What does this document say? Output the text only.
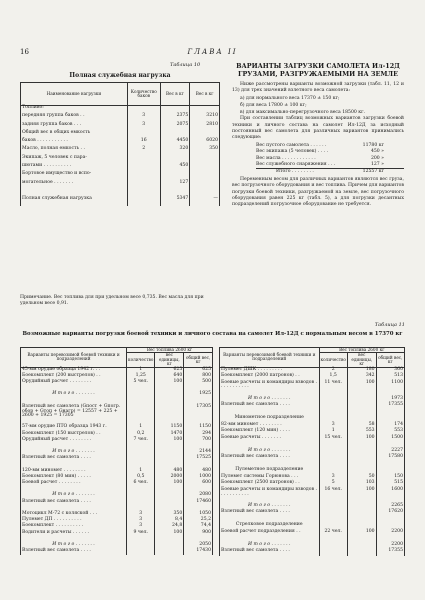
16	ГЛАВА II
Таблица 10
Полная служебная нагрузка
Наименование нагрузки	Количество баков	Вес в кг	Вес в кг
Топливо:			
передняя группа баков . .	3	2375	3210
задняя группа баков . . .	3	2075	2810
Общий вес в общих емкость			
баков . . . . . . . . . . .	16	4450	6020
Масло, полная емкость . .	2	320	350
Экипаж, 5 человек с пара-			
шютами . . . . . . . . . .		450	
Бортовое имущество и вспо-			
могательное . . . . . . .		127	

Полная служебная нагрузка		5347	—
Примечание. Вес топлива для при удельном весе 0,735. Вес масла для при удельном весе 0,91.
ВАРИАНТЫ ЗАГРУЗКИ САМОЛЕТА Ил-12Д ГРУЗАМИ, РАЗГРУЖАЕМЫМИ НА ЗЕМЛЕ

Ниже рассмотрены варианты возможной загрузки (табл. 11, 12 и 13) для трех значений взлетного веса самолета:

а) для нормального веса 17370 ± 150 кг;
б) для веса 17800 ± 100 кг;
в) для максимально-перегрузочного веса 18500 кг.

При составлении таблиц возможных вариантов загрузки боевой техники и личного состава на самолет Ил-12Д за исходный постоянный вес самолета для различных вариантов принимались следующие:

Вес пустого самолета . . . . . .	11780 кг
Вес экипажа (5 человек) . . . .	450 »
Вес масла . . . . . . . . . . . .	200 »
Вес служебного снаряжения . . .	127 »
Итого . . . . . . . .	12557 кг

Переменным весом для различных вариантов являются вес груза, вес погрузочного оборудования и вес топлива. Причем для вариантов погрузки боевой техники, разгружаемой на земле, вес погрузочного оборудования равен 225 кг (табл. 5), а для погрузки десантных подразделений погрузочное оборудование не требуется.

Таблица 11
Возможные варианты погрузки боевой техники и личного состава на самолет Ил-12Д с нормальным весом в 17370 кг
Варианты перевозимой боевой техники и подразделений	Вес топлива 2600 кг		
	количество	вес единицы, кг	общий вес, кг
45-мм орудие образца 1942 г. . .	1	625	625
Боекомплект (200 выстрелов) . .	1,25	640	800
Орудийный расчет . . . . . . . .	5 чел.	100	500

И т о г о . . . . . . .			1925

Взлетный вес самолета (Gпост + Gпогр. обор + Gтоп + Gнагр) = 12557 + 225 + 2600 + 1925 = 17305			17305

57-мм орудие ПТО образца 1943 г.	1	1150	1150
Боекомплект (150 выстрелов) . .	0,2	1470	294
Орудийный расчет . . . . . . . .	7 чел.	100	700

И т о г о . . . . . . .			2144
Взлетный вес самолета . . . .			17525

120-мм миномет . . . . . . . .	1	480	480
Боекомплект (80 мин) . . . . .	0,5	2000	1000
Боевой расчет . . . . . . . .	6 чел.	100	600

И т о г о . . . . . . .			2080
Взлетный вес самолета . . . .			17460

Мотоцикл М-72 с коляской . . .	3	350	1050
Пулемет ДП . . . . . . . . . .	3	8,4	25,2
Боекомплект . . . . . . . . . .	3	24,8	74,4
Водители и расчеты . . . . . .	9 чел.	100	900

И т о г о . . . . . . .			2050
Взлетный вес самолета . . . .			17430
Варианты перевозимой боевой техники и подразделений	Вес топлива 2600 кг		
	количество	вес единицы, кг	общий вес, кг
Пулемет ДШК . . . . . . . . .	2	180	360
Боекомплект (2000 патронов) . .	1,5	342	513
Боевые расчеты и командиры взводов . . . . . . . . . . .	11 чел.	100	1100

И т о г о . . . . . . .			1973
Взлетный вес самолета . . . .			17355

Минометное подразделение			
82-мм миномет . . . . . . . .	3	58	174
Боекомплект (120 мин) . . . .	1	553	553
Боевые расчеты . . . . . . .	15 чел.	100	1500

И т о г о . . . . . . .			2227
Взлетный вес самолета . . . .			17580

Пулеметное подразделение			
Пулемет системы Горюнова . . .	3	50	150
Боекомплект (2500 патронов) . .	5	103	515
Боевые расчеты и командиры взводов . . . . . . . . . . .	16 чел.	100	1600

И т о г о . . . . . . .			2265
Взлетный вес самолета . . . .			17620

Стрелковое подразделение			
Боевой расчет подразделения . .	22 чел.	100	2200

И т о г о . . . . . . .			2200
Взлетный вес самолета . . . .			17355
